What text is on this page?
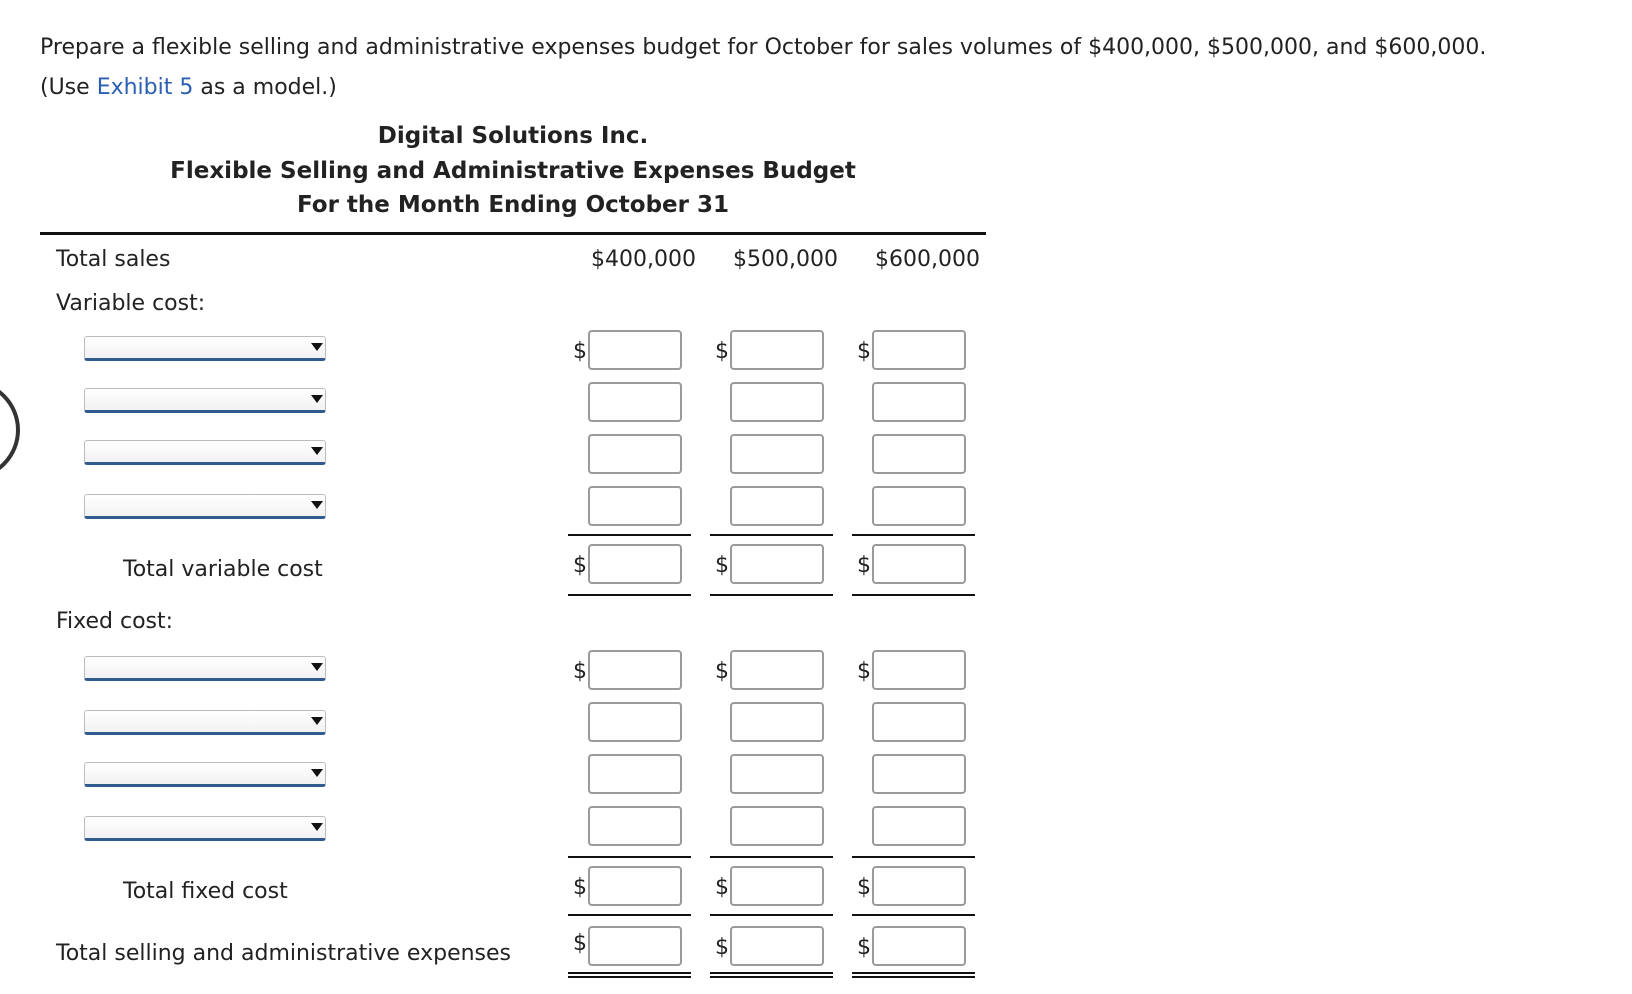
Prepare a flexible selling and administrative expenses budget for October for sales volumes of $400,000, $500,000, and $600,000.
(Use Exhibit 5 as a model.)
Digital Solutions Inc.
Flexible Selling and Administrative Expenses Budget
For the Month Ending October 31
Total sales	$400,000	$500,000	$600,000
Variable cost:
$	$	$
Total variable cost	$	$	$
Fixed cost:
$	$	$
Total fixed cost	$	$	$
Total selling and administrative expenses	$	$	$
